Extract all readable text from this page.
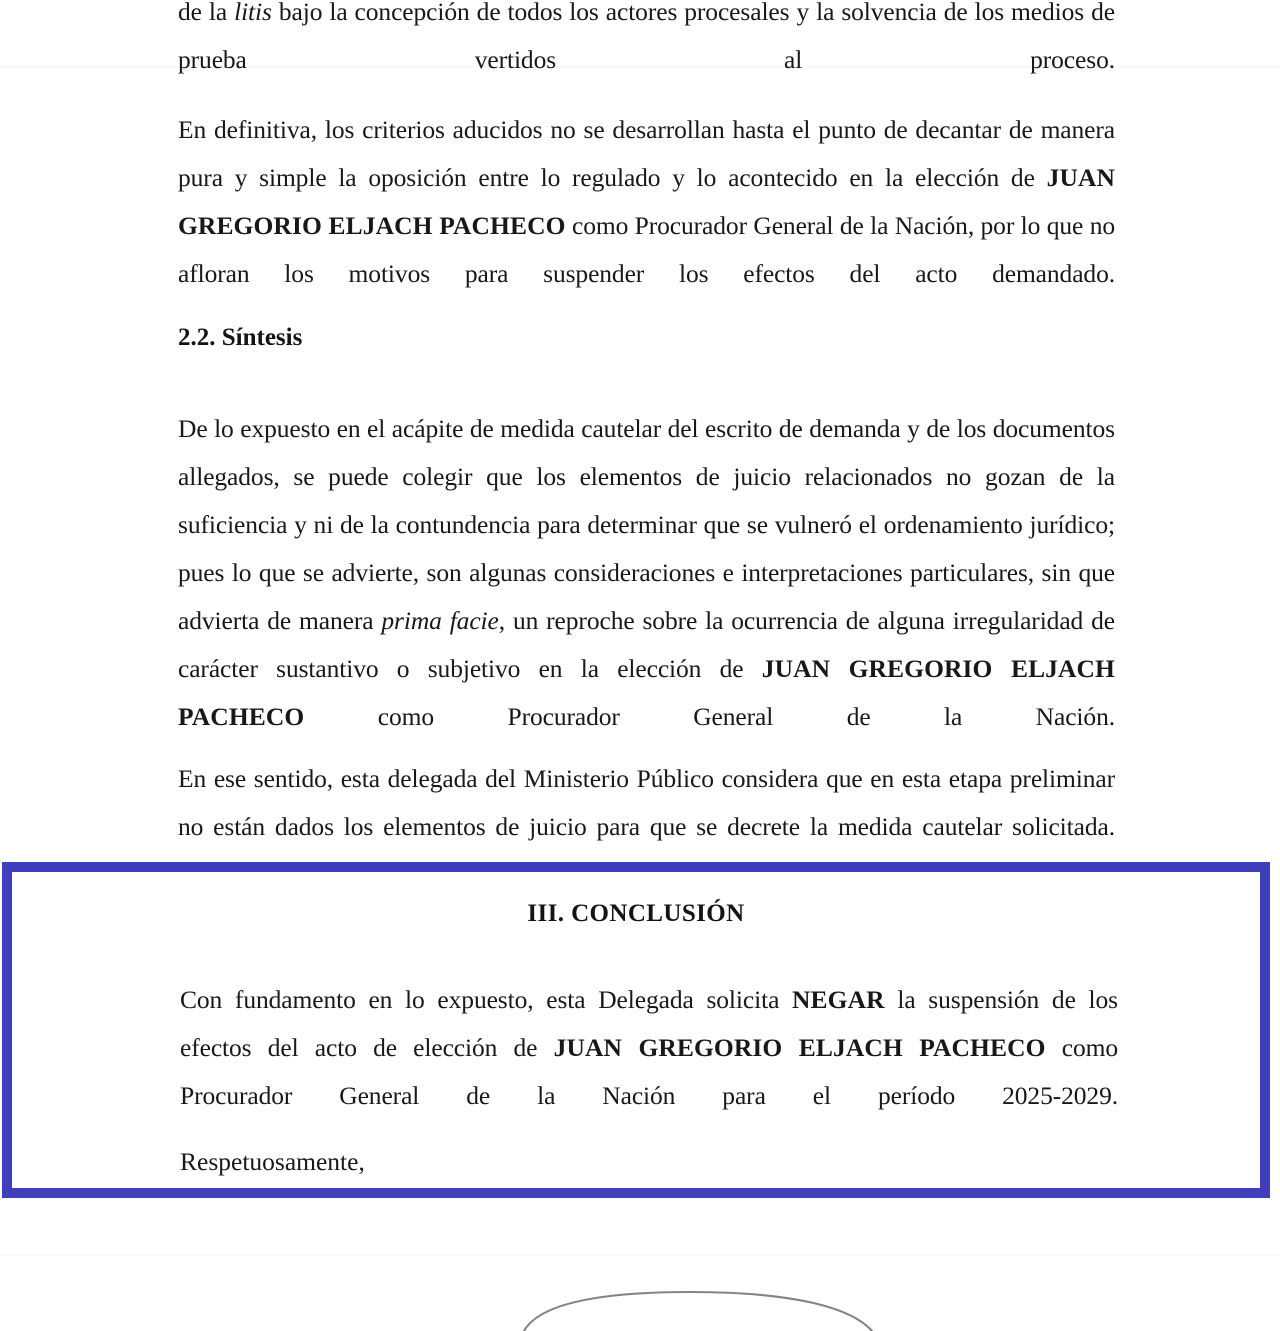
de la litis bajo la concepción de todos los actores procesales y la solvencia de los medios de prueba vertidos al proceso.

En definitiva, los criterios aducidos no se desarrollan hasta el punto de decantar de manera pura y simple la oposición entre lo regulado y lo acontecido en la elección de JUAN GREGORIO ELJACH PACHECO como Procurador General de la Nación, por lo que no afloran los motivos para suspender los efectos del acto demandado.

2.2. Síntesis

De lo expuesto en el acápite de medida cautelar del escrito de demanda y de los documentos allegados, se puede colegir que los elementos de juicio relacionados no gozan de la suficiencia y ni de la contundencia para determinar que se vulneró el ordenamiento jurídico; pues lo que se advierte, son algunas consideraciones e interpretaciones particulares, sin que advierta de manera prima facie, un reproche sobre la ocurrencia de alguna irregularidad de carácter sustantivo o subjetivo en la elección de JUAN GREGORIO ELJACH PACHECO como Procurador General de la Nación.

En ese sentido, esta delegada del Ministerio Público considera que en esta etapa preliminar no están dados los elementos de juicio para que se decrete la medida cautelar solicitada.

III. CONCLUSIÓN

Con fundamento en lo expuesto, esta Delegada solicita NEGAR la suspensión de los efectos del acto de elección de JUAN GREGORIO ELJACH PACHECO como Procurador General de la Nación para el período 2025-2029.

Respetuosamente,
